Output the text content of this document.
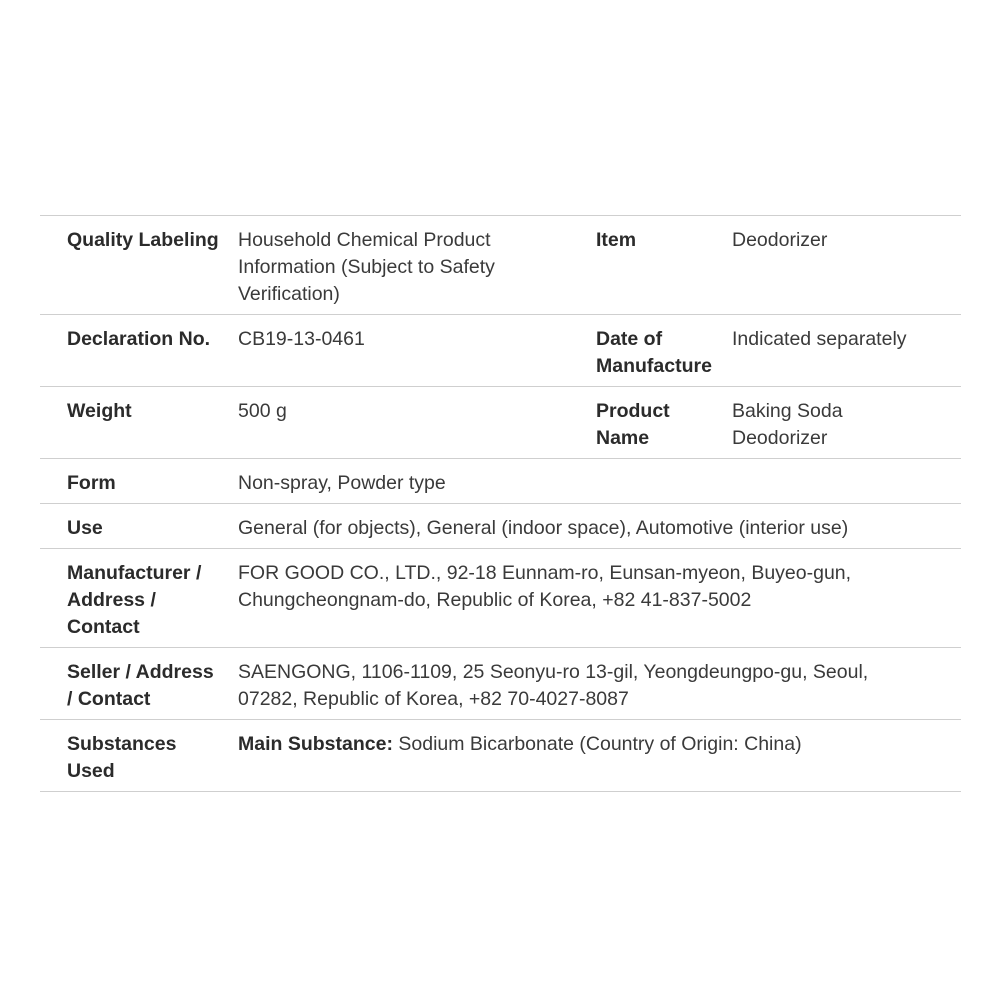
Quality Labeling	Household Chemical Product Information (Subject to Safety Verification)	Item	Deodorizer
Declaration No.	CB19-13-0461	Date of Manufacture	Indicated separately
Weight	500 g	Product Name	Baking Soda Deodorizer
Form	Non-spray, Powder type		
Use	General (for objects), General (indoor space), Automotive (interior use)		
Manufacturer / Address / Contact	FOR GOOD CO., LTD., 92-18 Eunnam-ro, Eunsan-myeon, Buyeo-gun, Chungcheongnam-do, Republic of Korea, +82 41-837-5002		
Seller / Address / Contact	SAENGONG, 1106-1109, 25 Seonyu-ro 13-gil, Yeongdeungpo-gu, Seoul, 07282, Republic of Korea, +82 70-4027-8087		
Substances Used	Main Substance: Sodium Bicarbonate (Country of Origin: China)		
